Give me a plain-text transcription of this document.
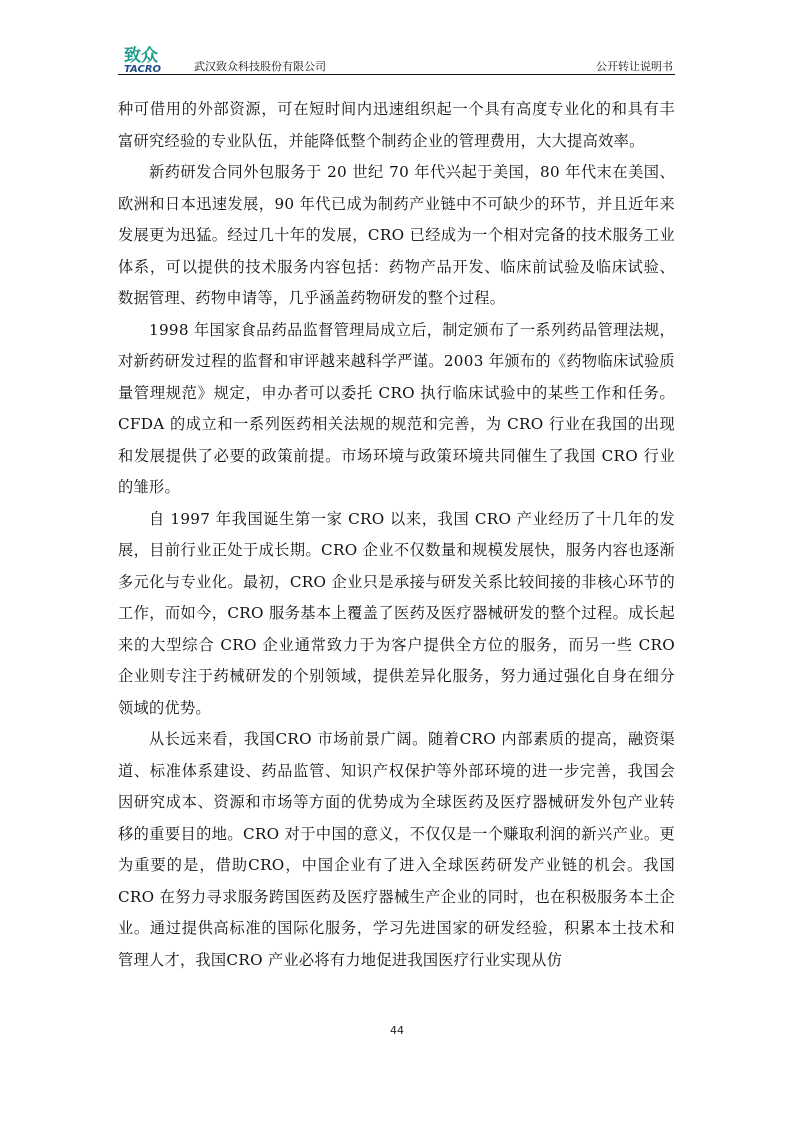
致众
TACRO	武汉致众科技股份有限公司	公开转让说明书

种可借用的外部资源，可在短时间内迅速组织起一个具有高度专业化的和具有丰富研究经验的专业队伍，并能降低整个制药企业的管理费用，大大提高效率。

新药研发合同外包服务于 20 世纪 70 年代兴起于美国，80 年代末在美国、欧洲和日本迅速发展，90 年代已成为制药产业链中不可缺少的环节，并且近年来发展更为迅猛。经过几十年的发展，CRO 已经成为一个相对完备的技术服务工业体系，可以提供的技术服务内容包括：药物产品开发、临床前试验及临床试验、数据管理、药物申请等，几乎涵盖药物研发的整个过程。

1998 年国家食品药品监督管理局成立后，制定颁布了一系列药品管理法规，对新药研发过程的监督和审评越来越科学严谨。2003 年颁布的《药物临床试验质量管理规范》规定，申办者可以委托 CRO 执行临床试验中的某些工作和任务。CFDA 的成立和一系列医药相关法规的规范和完善，为 CRO 行业在我国的出现和发展提供了必要的政策前提。市场环境与政策环境共同催生了我国 CRO 行业的雏形。

自 1997 年我国诞生第一家 CRO 以来，我国 CRO 产业经历了十几年的发展，目前行业正处于成长期。CRO 企业不仅数量和规模发展快，服务内容也逐渐多元化与专业化。最初，CRO 企业只是承接与研发关系比较间接的非核心环节的工作，而如今，CRO 服务基本上覆盖了医药及医疗器械研发的整个过程。成长起来的大型综合 CRO 企业通常致力于为客户提供全方位的服务，而另一些 CRO 企业则专注于药械研发的个别领域，提供差异化服务，努力通过强化自身在细分领域的优势。

从长远来看，我国CRO 市场前景广阔。随着CRO 内部素质的提高，融资渠道、标准体系建设、药品监管、知识产权保护等外部环境的进一步完善，我国会因研究成本、资源和市场等方面的优势成为全球医药及医疗器械研发外包产业转移的重要目的地。CRO 对于中国的意义，不仅仅是一个赚取利润的新兴产业。更为重要的是，借助CRO，中国企业有了进入全球医药研发产业链的机会。我国CRO 在努力寻求服务跨国医药及医疗器械生产企业的同时，也在积极服务本土企业。通过提供高标准的国际化服务，学习先进国家的研发经验，积累本土技术和管理人才，我国CRO 产业必将有力地促进我国医疗行业实现从仿

44
